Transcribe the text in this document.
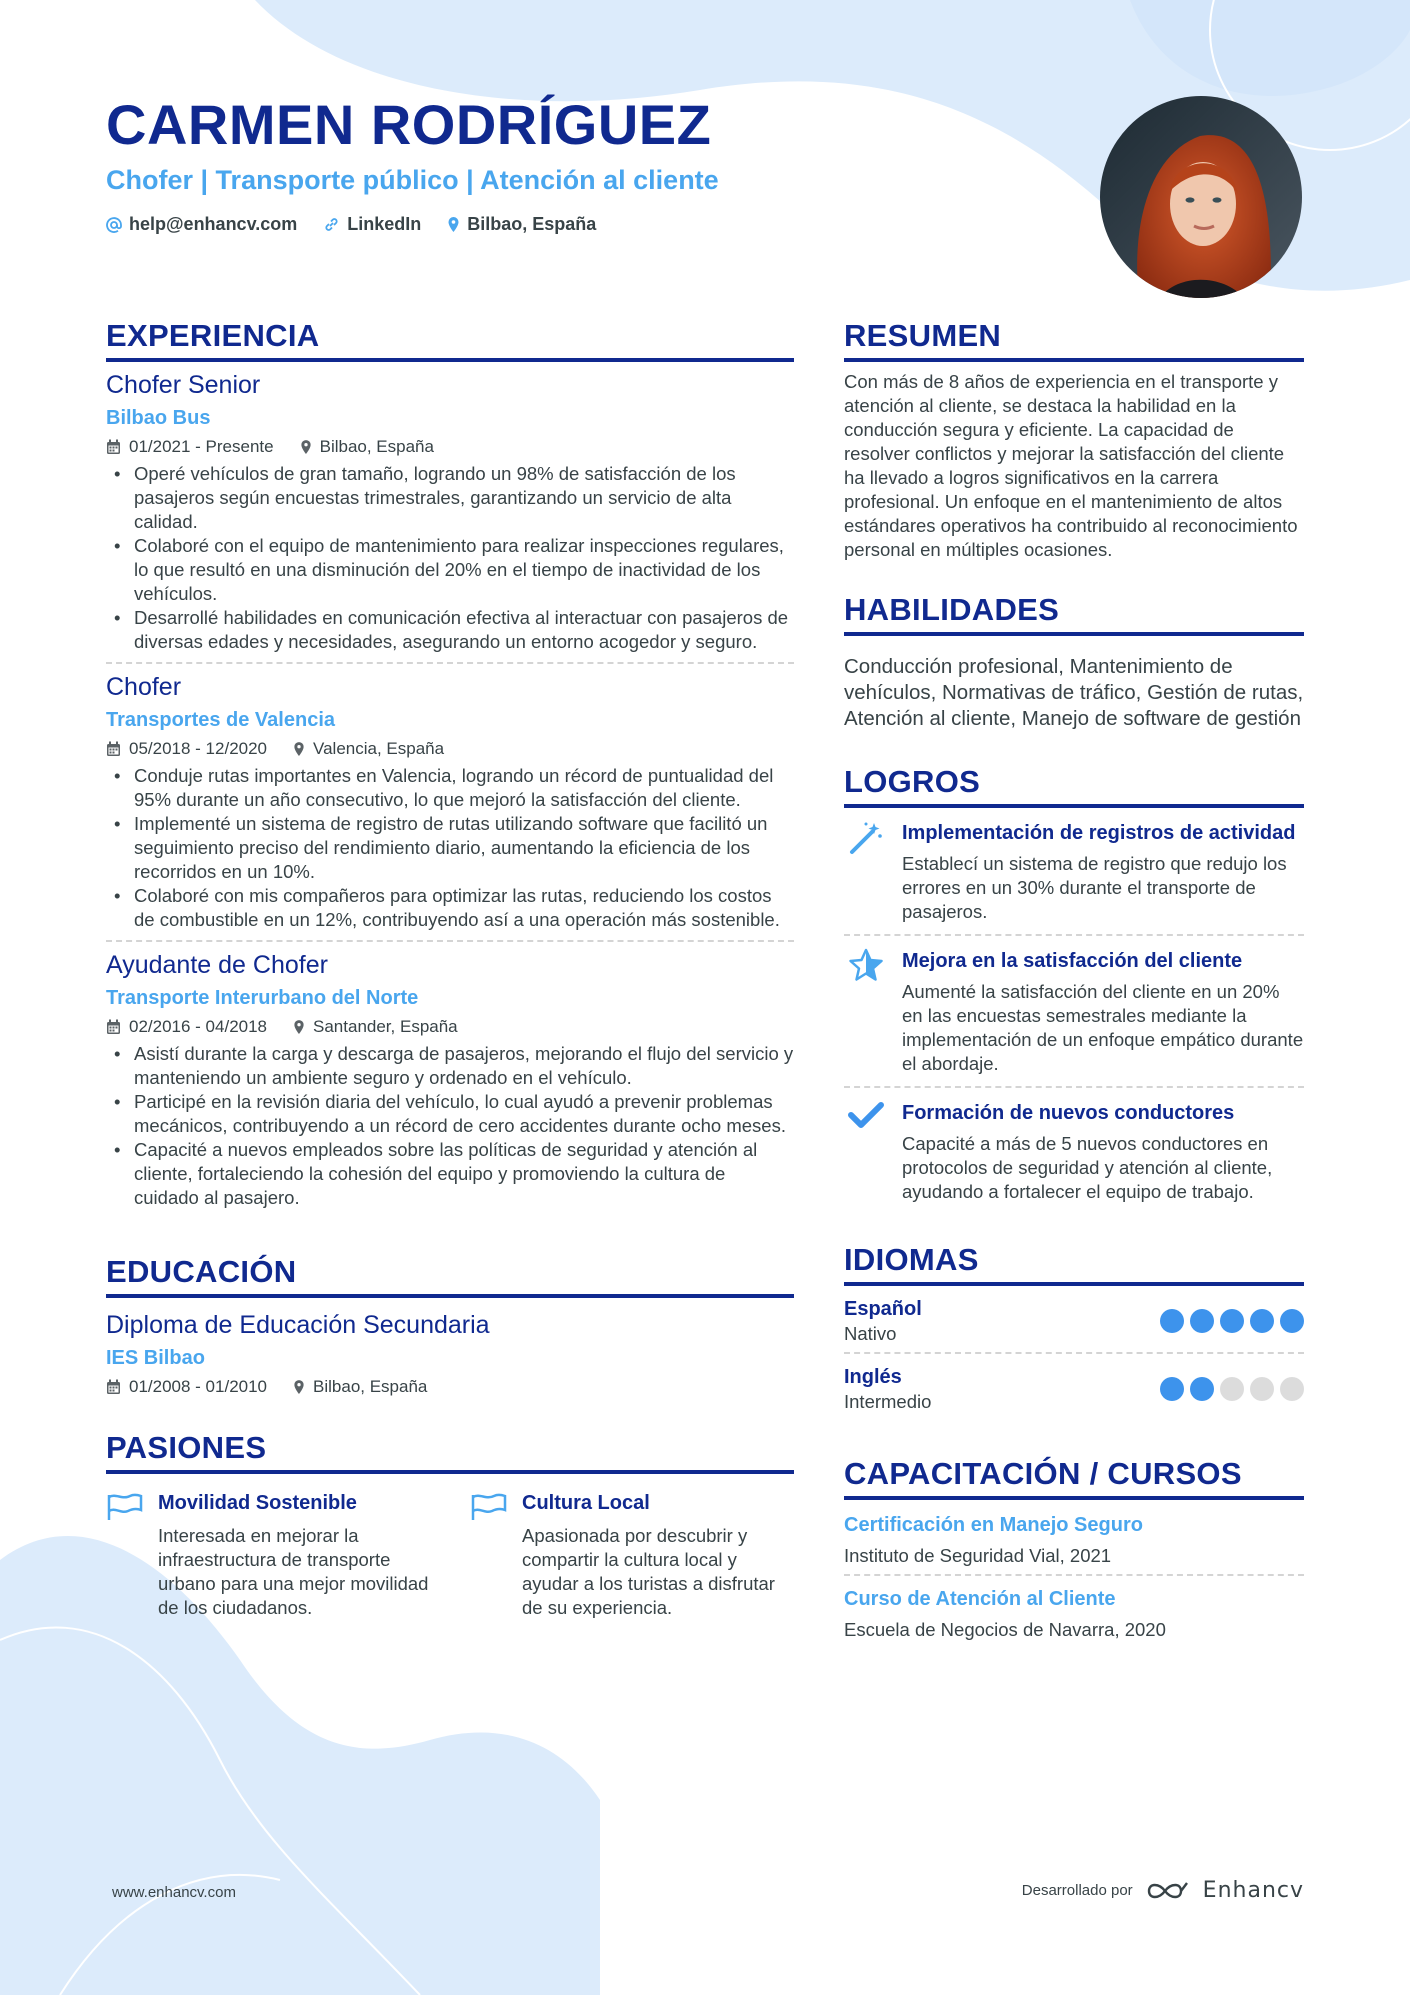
CARMEN RODRÍGUEZ
Chofer | Transporte público | Atención al cliente
help@enhancv.com	LinkedIn	Bilbao, España
EXPERIENCIA
Chofer Senior
Bilbao Bus
01/2021 - Presente	Bilbao, España
• Operé vehículos de gran tamaño, logrando un 98% de satisfacción de los pasajeros según encuestas trimestrales, garantizando un servicio de alta calidad.
• Colaboré con el equipo de mantenimiento para realizar inspecciones regulares, lo que resultó en una disminución del 20% en el tiempo de inactividad de los vehículos.
• Desarrollé habilidades en comunicación efectiva al interactuar con pasajeros de diversas edades y necesidades, asegurando un entorno acogedor y seguro.
Chofer
Transportes de Valencia
05/2018 - 12/2020	Valencia, España
• Conduje rutas importantes en Valencia, logrando un récord de puntualidad del 95% durante un año consecutivo, lo que mejoró la satisfacción del cliente.
• Implementé un sistema de registro de rutas utilizando software que facilitó un seguimiento preciso del rendimiento diario, aumentando la eficiencia de los recorridos en un 10%.
• Colaboré con mis compañeros para optimizar las rutas, reduciendo los costos de combustible en un 12%, contribuyendo así a una operación más sostenible.
Ayudante de Chofer
Transporte Interurbano del Norte
02/2016 - 04/2018	Santander, España
• Asistí durante la carga y descarga de pasajeros, mejorando el flujo del servicio y manteniendo un ambiente seguro y ordenado en el vehículo.
• Participé en la revisión diaria del vehículo, lo cual ayudó a prevenir problemas mecánicos, contribuyendo a un récord de cero accidentes durante ocho meses.
• Capacité a nuevos empleados sobre las políticas de seguridad y atención al cliente, fortaleciendo la cohesión del equipo y promoviendo la cultura de cuidado al pasajero.
EDUCACIÓN
Diploma de Educación Secundaria
IES Bilbao
01/2008 - 01/2010	Bilbao, España
PASIONES
Movilidad Sostenible
Interesada en mejorar la infraestructura de transporte urbano para una mejor movilidad de los ciudadanos.
Cultura Local
Apasionada por descubrir y compartir la cultura local y ayudar a los turistas a disfrutar de su experiencia.
RESUMEN
Con más de 8 años de experiencia en el transporte y atención al cliente, se destaca la habilidad en la conducción segura y eficiente. La capacidad de resolver conflictos y mejorar la satisfacción del cliente ha llevado a logros significativos en la carrera profesional. Un enfoque en el mantenimiento de altos estándares operativos ha contribuido al reconocimiento personal en múltiples ocasiones.
HABILIDADES
Conducción profesional, Mantenimiento de vehículos, Normativas de tráfico, Gestión de rutas, Atención al cliente, Manejo de software de gestión
LOGROS
Implementación de registros de actividad
Establecí un sistema de registro que redujo los errores en un 30% durante el transporte de pasajeros.
Mejora en la satisfacción del cliente
Aumenté la satisfacción del cliente en un 20% en las encuestas semestrales mediante la implementación de un enfoque empático durante el abordaje.
Formación de nuevos conductores
Capacité a más de 5 nuevos conductores en protocolos de seguridad y atención al cliente, ayudando a fortalecer el equipo de trabajo.
IDIOMAS
Español
Nativo
Inglés
Intermedio
CAPACITACIÓN / CURSOS
Certificación en Manejo Seguro
Instituto de Seguridad Vial, 2021
Curso de Atención al Cliente
Escuela de Negocios de Navarra, 2020
www.enhancv.com	Desarrollado por	Enhancv
